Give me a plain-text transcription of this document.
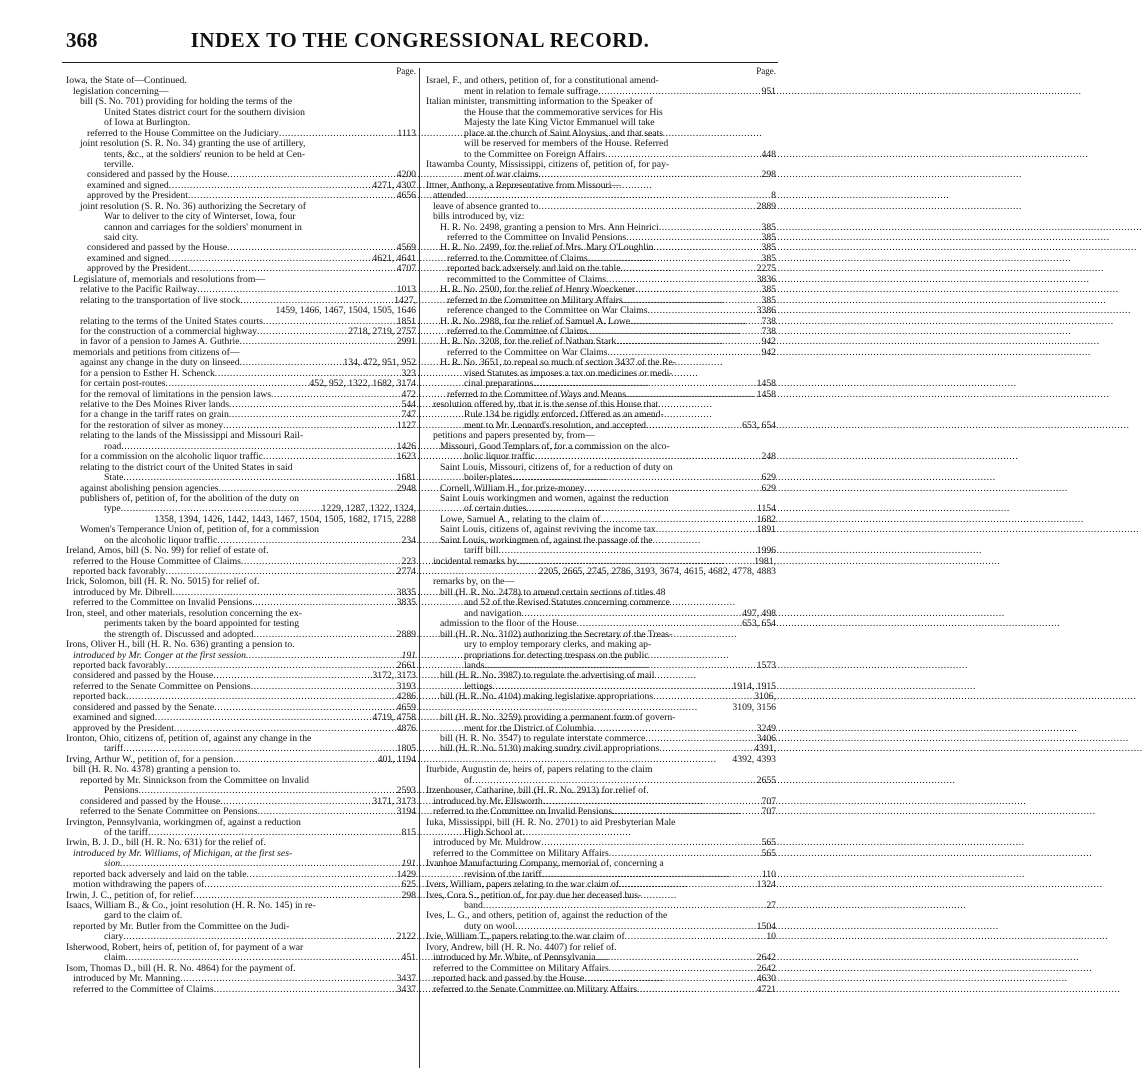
368	INDEX TO THE CONGRESSIONAL RECORD.
Page.
Iowa, the State of—Continued.
legislation concerning—
bill (S. No. 701) providing for holding the terms of the
United States district court for the southern division
of Iowa at Burlington.
referred to the House Committee on the Judiciary .....	1113
joint resolution (S. R. No. 34) granting the use of artillery,
tents, &c., at the soldiers' reunion to be held at Cen-
terville.
considered and passed by the House .....	4200
examined and signed .....	4271, 4307
approved by the President .....	4656
joint resolution (S. R. No. 36) authorizing the Secretary of
War to deliver to the city of Winterset, Iowa, four
cannon and carriages for the soldiers' monument in
said city.
considered and passed by the House .....	4569
examined and signed .....	4621, 4641
approved by the President .....	4707
Legislature of, memorials and resolutions from—
relative to the Pacific Railway .....	1013
relating to the transportation of live stock .....	1427,
1459, 1466, 1467, 1504, 1505, 1646
relating to the terms of the United States courts .....	1851
for the construction of a commercial highway .....	2718, 2719, 2757
in favor of a pension to James A. Guthrie .....	2991
memorials and petitions from citizens of—
against any change in the duty on linseed .....	134, 472, 951, 952
for a pension to Esther H. Schenck .....	323
for certain post-routes .....	452, 952, 1322, 1682, 3174
for the removal of limitations in the pension laws .....	472
relative to the Des Moines River lands .....	544
for a change in the tariff rates on grain .....	747
for the restoration of silver as money .....	1127
relating to the lands of the Mississippi and Missouri Rail-
road .....	1426
for a commission on the alcoholic liquor traffic .....	1623
relating to the district court of the United States in said
State .....	1681
against abolishing pension agencies .....	2948
publishers of, petition of, for the abolition of the duty on
type .....	1229, 1287, 1322, 1324,
1358, 1394, 1426, 1442, 1443, 1467, 1504, 1505, 1682, 1715, 2288
Women's Temperance Union of, petition of, for a commission
on the alcoholic liquor traffic .....	234
Ireland, Amos, bill (S. No. 99) for relief of estate of.
referred to the House Committee of Claims .....	223
reported back favorably .....	2774
Irick, Solomon, bill (H. R. No. 5015) for relief of.
introduced by Mr. Dibrell .....	3835
referred to the Committee on Invalid Pensions .....	3835
Iron, steel, and other materials, resolution concerning the ex-
periments taken by the board appointed for testing
the strength of. Discussed and adopted .....	2889
Irons, Oliver H., bill (H. R. No. 636) granting a pension to.
introduced by Mr. Conger at the first session .....	191
reported back favorably .....	2661
considered and passed by the House .....	3172, 3173
referred to the Senate Committee on Pensions .....	3193
reported back .....	4286
considered and passed by the Senate .....	4659
examined and signed .....	4719, 4758
approved by the President .....	4876
Ironton, Ohio, citizens of, petition of, against any change in the
tariff .....	1805
Irving, Arthur W., petition of, for a pension .....	401, 1194
bill (H. R. No. 4378) granting a pension to.
reported by Mr. Sinnickson from the Committee on Invalid
Pensions .....	2593
considered and passed by the House .....	3171, 3173
referred to the Senate Committee on Pensions .....	3194
Irvington, Pennsylvania, workingmen of, against a reduction
of the tariff .....	815
Irwin, B. J. D., bill (H. R. No. 631) for the relief of.
introduced by Mr. Williams, of Michigan, at the first ses-
sion .....	191
reported back adversely and laid on the table .....	1429
motion withdrawing the papers of .....	625
Irwin, J. C., petition of, for relief .....	298
Isaacs, William B., & Co., joint resolution (H. R. No. 145) in re-
gard to the claim of.
reported by Mr. Butler from the Committee on the Judi-
ciary .....	2122
Isherwood, Robert, heirs of, petition of, for payment of a war
claim .....	451
Isom, Thomas D., bill (H. R. No. 4864) for the payment of.
introduced by Mr. Manning .....	3437
referred to the Committee of Claims .....	3437
Page.
Israel, F., and others, petition of, for a constitutional amend-
ment in relation to female suffrage .....	951
Italian minister, transmitting information to the Speaker of
the House that the commemorative services for His
Majesty the late King Victor Emmanuel will take
place at the church of Saint Aloysius, and that seats
will be reserved for members of the House. Referred
to the Committee on Foreign Affairs .....	448
Itawamba County, Mississippi, citizens of, petition of, for pay-
ment of war claims .....	298
Ittner, Anthony, a Representative from Missouri—
attended .....	8
leave of absence granted to .....	2889
bills introduced by, viz:
H. R. No. 2498, granting a pension to Mrs. Ann Heinrici .....	385
referred to the Committee on Invalid Pensions .....	385
H. R. No. 2499, for the relief of Mrs. Mary O'Loughlin .....	385
referred to the Committee of Claims .....	385
reported back adversely and laid on the table .....	2275
recommitted to the Committee of Claims .....	3836
H. R. No. 2500, for the relief of Henry Woeckener .....	385
referred to the Committee on Military Affairs .....	385
reference changed to the Committee on War Claims .....	3386
H. R. No. 2988, for the relief of Samuel A. Lowe .....	738
referred to the Committee of Claims .....	738
H. R. No. 3208, for the relief of Nathan Stark .....	942
referred to the Committee on War Claims .....	942
H. R. No. 3651, to repeal so much of section 3437 of the Re-
vised Statutes as imposes a tax on medicines or medi-
cinal preparations .....	1458
referred to the Committee of Ways and Means .....	1458
resolution offered by, that it is the sense of this House that
Rule 134 be rigidly enforced. Offered as an amend-
ment to Mr. Leonard's resolution, and accepted .....	653, 654
petitions and papers presented by, from—
Missouri, Good Templars of, for a commission on the alco-
holic liquor traffic .....	248
Saint Louis, Missouri, citizens of, for a reduction of duty on
boiler-plates .....	629
Cornell, William H., for prize-money .....	629
Saint Louis workingmen and women, against the reduction
of certain duties .....	1154
Lowe, Samuel A., relating to the claim of .....	1682
Saint Louis, citizens of, against reviving the income tax .....	1891
Saint Louis, workingmen of, against the passage of the
tariff bill .....	1996
incidental remarks by .....	1981,
2205, 2665, 2745, 2786, 3193, 3674, 4615, 4682, 4778, 4883
remarks by, on the—
bill (H. R. No. 2478) to amend certain sections of titles 48
and 52 of the Revised Statutes concerning commerce
and navigation .....	497, 498
admission to the floor of the House .....	653, 654
bill (H. R. No. 3102) authorizing the Secretary of the Treas-
ury to employ temporary clerks, and making ap-
propriations for detecting trespass on the public
lands .....	1573
bill (H. R. No. 3987) to regulate the advertising of mail
lettings .....	1914, 1915
bill (H. R. No. 4104) making legislative appropriations .....	3106,
3109, 3156
bill (H. R. No. 3259) providing a permanent form of govern-
ment for the District of Columbia .....	3249
bill (H. R. No. 3547) to regulate interstate commerce .....	3406
bill (H. R. No. 5130) making sundry civil appropriations .....	4391,
4392, 4393
Iturbide, Augustin de, heirs of, papers relating to the claim
of .....	2655
Itzenhouser, Catharine, bill (H. R. No. 2913) for relief of.
introduced by Mr. Ellsworth .....	707
referred to the Committee on Invalid Pensions .....	707
Iuka, Mississippi, bill (H. R. No. 2701) to aid Presbyterian Male
High School at.
introduced by Mr. Muldrow .....	565
referred to the Committee on Military Affairs .....	565
Ivanhoe Manufacturing Company, memorial of, concerning a
revision of the tariff .....	110
Ivers, William, papers relating to the war claim of .....	1324
Ives, Cora S., petition of, for pay due her deceased hus-
band .....	27
Ives, L. G., and others, petition of, against the reduction of the
duty on wool .....	1504
Ivie, William T., papers relating to the war claim of .....	10
Ivory, Andrew, bill (H. R. No. 4407) for relief of.
introduced by Mr. White, of Pennsylvania .....	2642
referred to the Committee on Military Affairs .....	2642
reported back and passed by the House .....	4630
referred to the Senate Committee on Military Affairs .....	4721
